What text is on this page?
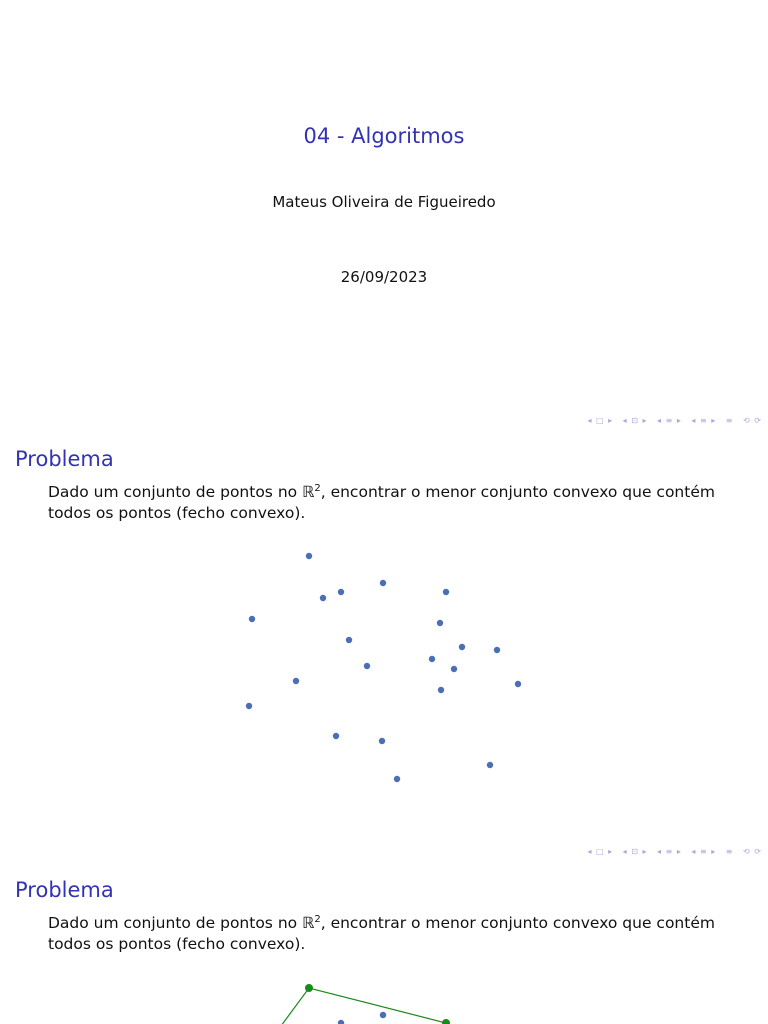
04 - Algoritmos
Mateus Oliveira de Figueiredo
26/09/2023
◂ □ ▸ ◂ ⊡ ▸ ◂ ≡ ▸ ◂ ≡ ▸ ≡ ⟲ ⟳
Problema
Dado um conjunto de pontos no ℝ$^2$, encontrar o menor conjunto convexo que contém todos os pontos (fecho convexo).
◂ □ ▸ ◂ ⊡ ▸ ◂ ≡ ▸ ◂ ≡ ▸ ≡ ⟲ ⟳
Problema
Dado um conjunto de pontos no ℝ$^2$, encontrar o menor conjunto convexo que contém todos os pontos (fecho convexo).
